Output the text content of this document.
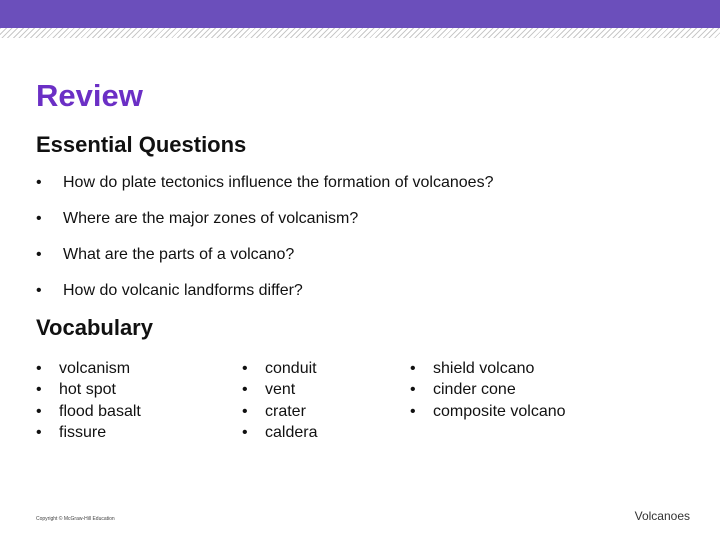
Review
Essential Questions
•	How do plate tectonics influence the formation of volcanoes?
•	Where are the major zones of volcanism?
•	What are the parts of a volcano?
•	How do volcanic landforms differ?
Vocabulary
•	volcanism
•	hot spot
•	flood basalt
•	fissure
•	conduit
•	vent
•	crater
•	caldera
•	shield volcano
•	cinder cone
•	composite volcano
Copyright © McGraw-Hill Education	Volcanoes
